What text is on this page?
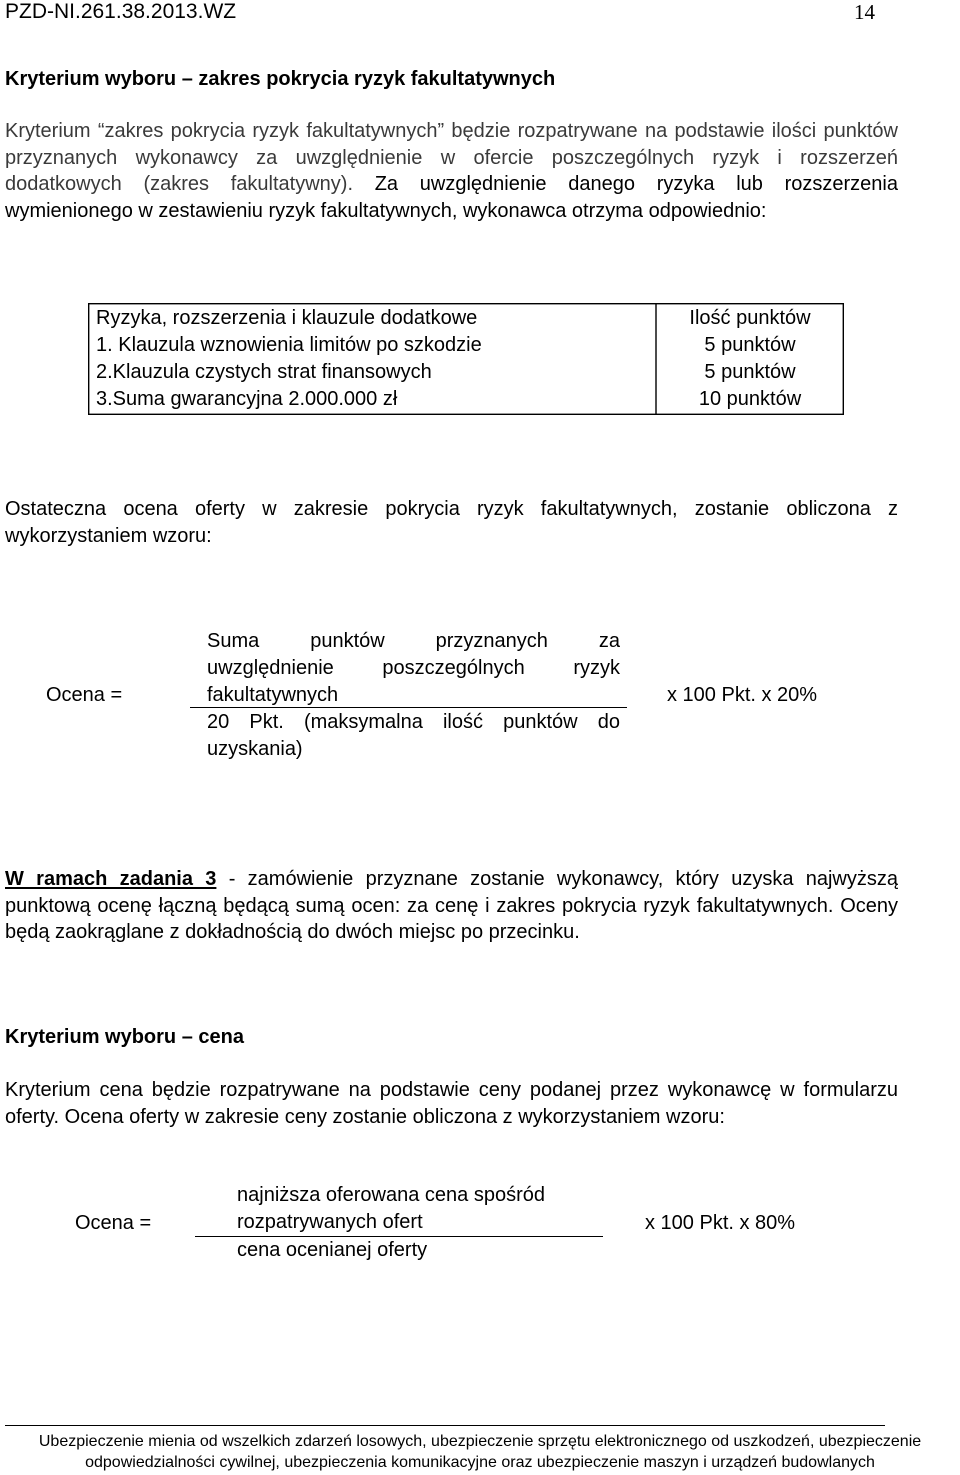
PZD-NI.261.38.2013.WZ	14
Kryterium wyboru – zakres pokrycia ryzyk fakultatywnych
Kryterium “zakres pokrycia ryzyk fakultatywnych” będzie rozpatrywane na podstawie ilości punktów przyznanych wykonawcy za uwzględnienie w ofercie poszczególnych ryzyk i rozszerzeń dodatkowych (zakres fakultatywny). Za uwzględnienie danego ryzyka lub rozszerzenia wymienionego w zestawieniu ryzyk fakultatywnych, wykonawca otrzyma odpowiednio:
Ryzyka, rozszerzenia i klauzule dodatkowe	Ilość punktów
1. Klauzula wznowienia limitów po szkodzie	5 punktów
2.Klauzula czystych strat finansowych	5 punktów
3.Suma gwarancyjna 2.000.000 zł	10 punktów
Ostateczna ocena oferty w zakresie pokrycia ryzyk fakultatywnych, zostanie obliczona z wykorzystaniem wzoru:
Ocena =
Suma punktów przyznanych za
uwzględnienie poszczególnych ryzyk
fakultatywnych
20 Pkt. (maksymalna ilość punktów do
uzyskania)
x 100 Pkt. x 20%
W ramach zadania 3 - zamówienie przyznane zostanie wykonawcy, który uzyska najwyższą punktową ocenę łączną będącą sumą ocen: za cenę i zakres pokrycia ryzyk fakultatywnych. Oceny będą zaokrąglane z dokładnością do dwóch miejsc po przecinku.
Kryterium wyboru – cena
Kryterium cena będzie rozpatrywane na podstawie ceny podanej przez wykonawcę w formularzu oferty. Ocena oferty w zakresie ceny zostanie obliczona z wykorzystaniem wzoru:
Ocena =
najniższa oferowana cena spośród
rozpatrywanych ofert
cena ocenianej oferty
x 100 Pkt. x 80%
Ubezpieczenie mienia od wszelkich zdarzeń losowych, ubezpieczenie sprzętu elektronicznego od uszkodzeń, ubezpieczenie
odpowiedzialności cywilnej, ubezpieczenia komunikacyjne oraz ubezpieczenie maszyn i urządzeń budowlanych
